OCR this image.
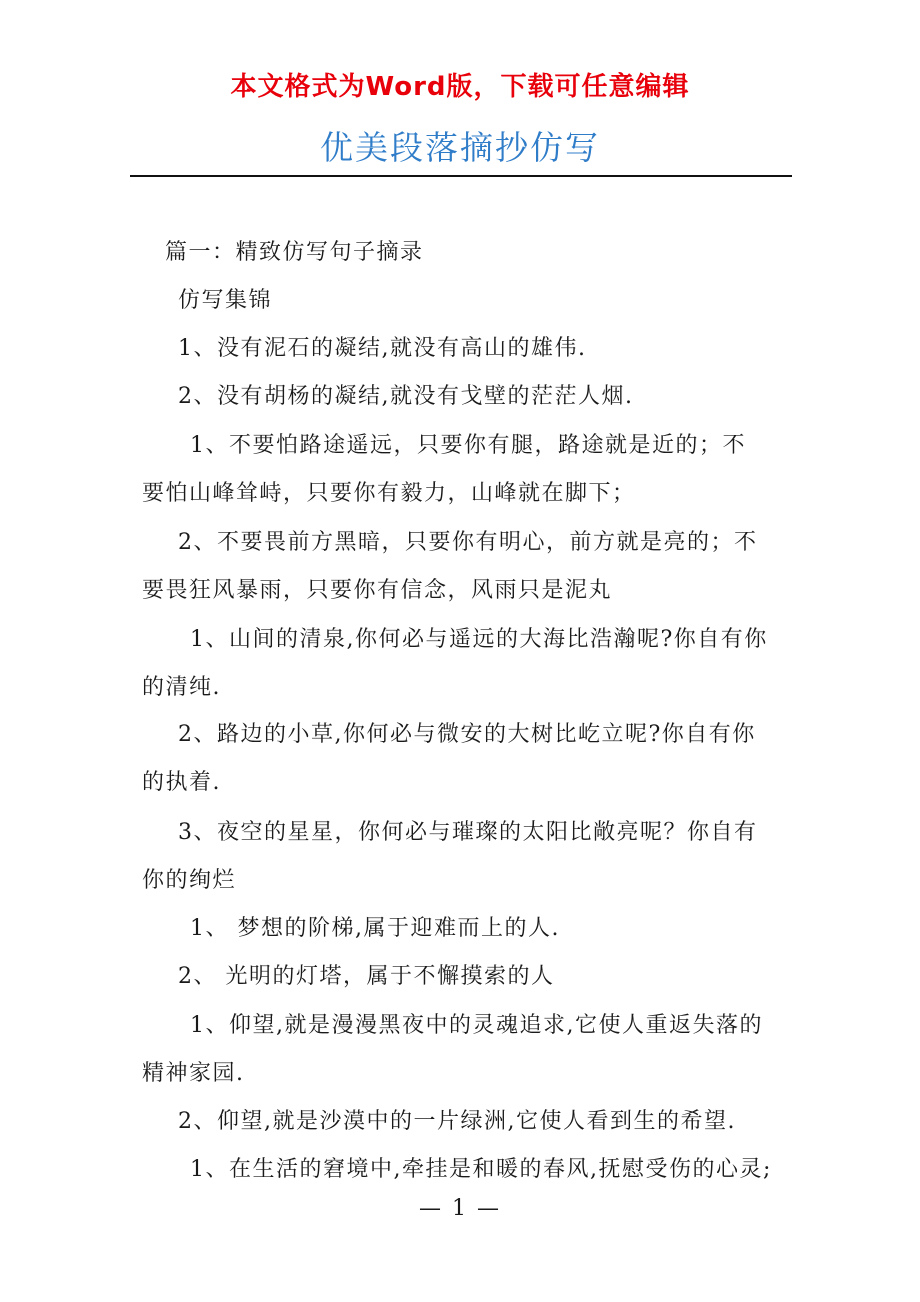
本文格式为Word版，下载可任意编辑
优美段落摘抄仿写
篇一：精致仿写句子摘录
仿写集锦
1、没有泥石的凝结,就没有高山的雄伟.
2、没有胡杨的凝结,就没有戈壁的茫茫人烟.
1、不要怕路途遥远，只要你有腿，路途就是近的；不
要怕山峰耸峙，只要你有毅力，山峰就在脚下；
2、不要畏前方黑暗，只要你有明心，前方就是亮的；不
要畏狂风暴雨，只要你有信念，风雨只是泥丸
1、山间的清泉,你何必与遥远的大海比浩瀚呢?你自有你
的清纯.
2、路边的小草,你何必与微安的大树比屹立呢?你自有你
的执着.
3、夜空的星星，你何必与璀璨的太阳比敞亮呢？你自有
你的绚烂
1、 梦想的阶梯,属于迎难而上的人.
2、 光明的灯塔，属于不懈摸索的人
1、仰望,就是漫漫黑夜中的灵魂追求,它使人重返失落的
精神家园.
2、仰望,就是沙漠中的一片绿洲,它使人看到生的希望.
1、在生活的窘境中,牵挂是和暖的春风,抚慰受伤的心灵;
— 1 —
